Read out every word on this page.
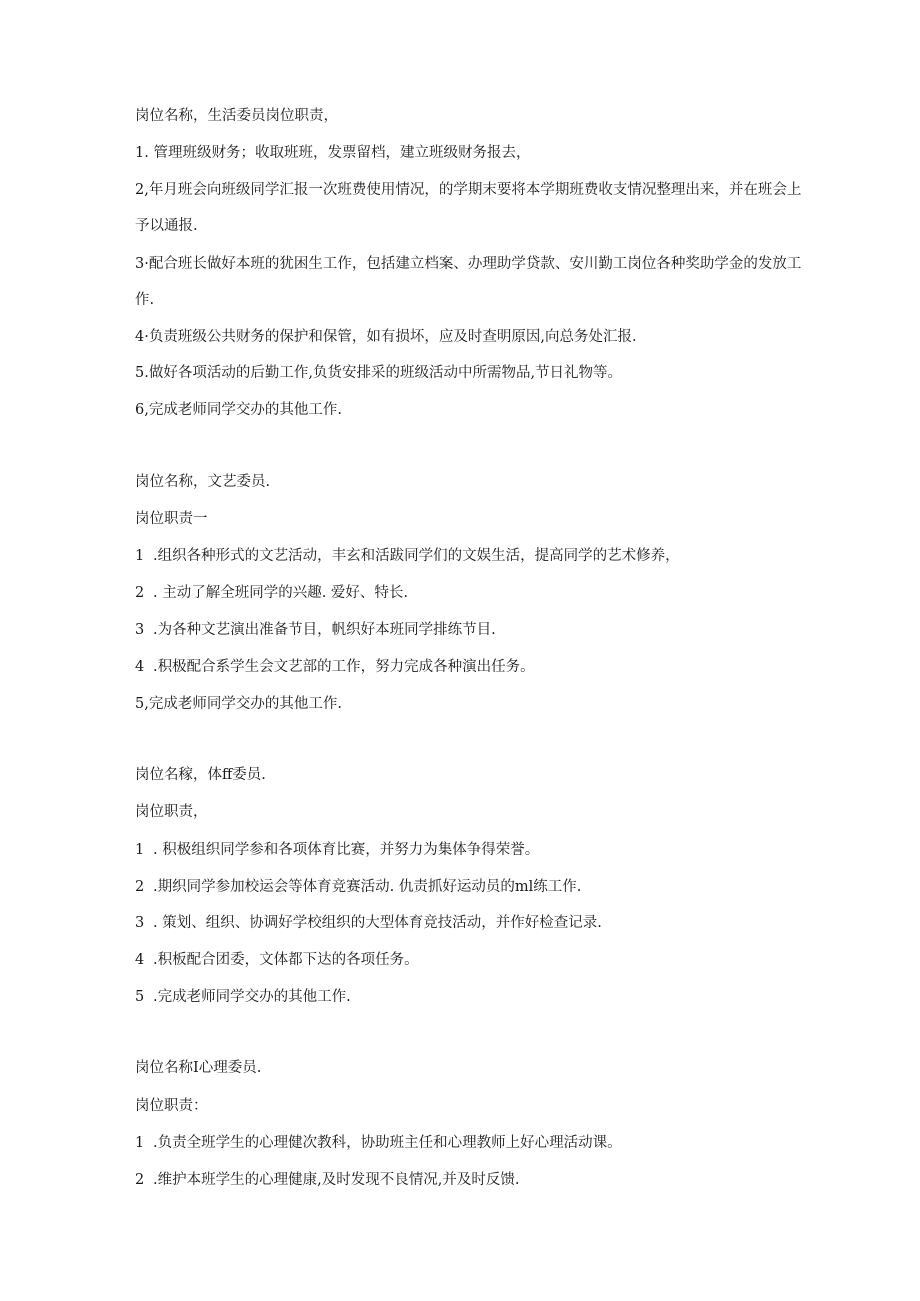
岗位名称，生活委员岗位职责，
1. 管理班级财务；收取班班，发票留档，建立班级财务报去，
2,年月班会向班级同学汇报一次班费使用情况，的学期末要将本学期班费收支情况整理出来，并在班会上
予以通报.
3·配合班长做好本班的犹困生工作，包括建立档案、办理助学贷款、安川勤工岗位各种奖助学金的发放工
作.
4·负责班级公共财务的保护和保管，如有损坏，应及时查明原因,向总务处汇报.
5.做好各项活动的后勤工作,负货安排采的班级活动中所需物品,节日礼物等。
6,完成老师同学交办的其他工作.
岗位名称，文艺委员.
岗位职责一
1 .组织各种形式的文艺活动，丰玄和活跋同学们的文娱生活，提高同学的艺术修养，
2 . 主动了解全班同学的兴趣. 爱好、特长.
3 .为各种文艺演出准备节目，帆织好本班同学排练节目.
4 .积极配合系学生会文艺部的工作，努力完成各种演出任务。
5,完成老师同学交办的其他工作.
岗位名稼，体ff委员.
岗位职责，
1 . 积极组织同学参和各项体育比赛，并努力为集体争得荣誉。
2 .期织同学参加校运会等体育竞赛活动. 仇责抓好运动员的ml练工作.
3 . 策划、组织、协调好学校组织的大型体育竞技活动，并作好检查记录.
4 .积板配合团委，文体都下达的各项任务。
5 .完成老师同学交办的其他工作.
岗位名称I心理委员.
岗位职责：
1 .负责全班学生的心理健次教科，协助班主任和心理教师上好心理活动课。
2 .维护本班学生的心理健康,及时发现不良情况,并及时反馈.
